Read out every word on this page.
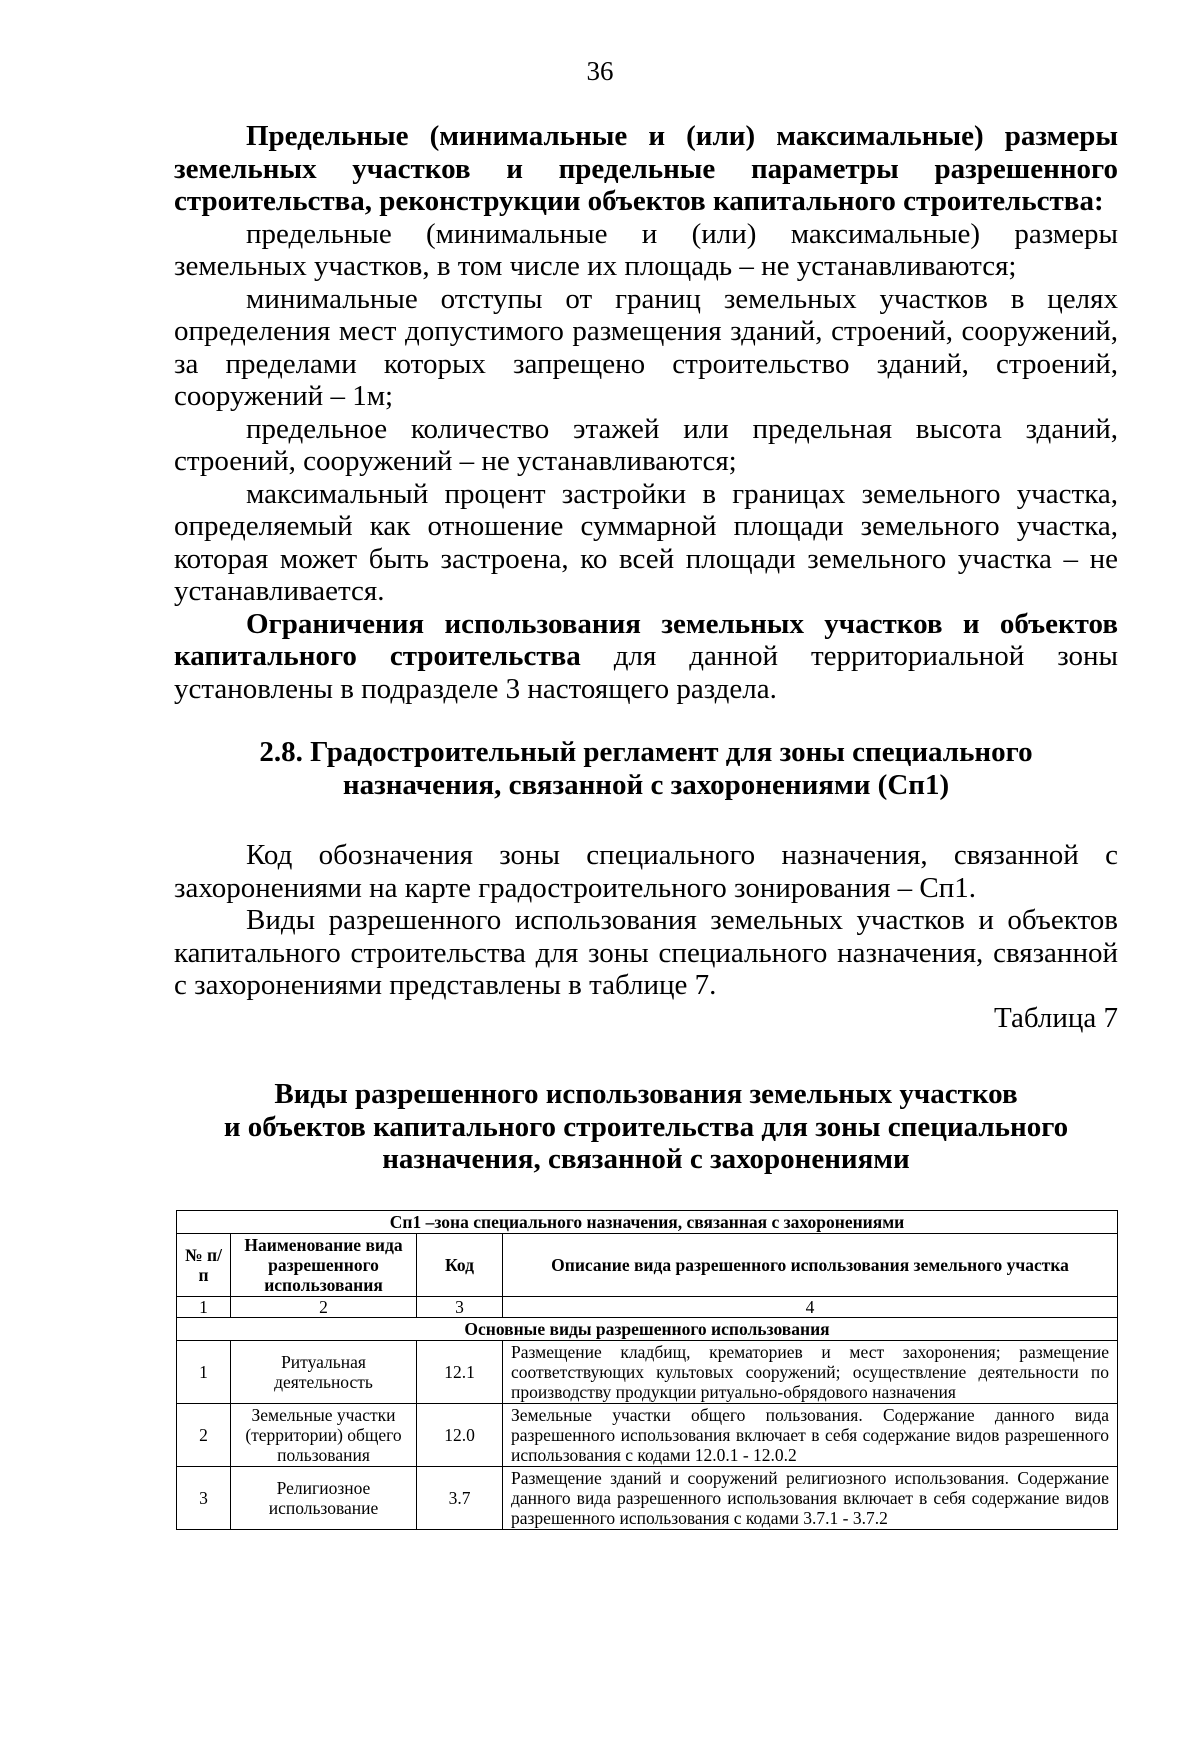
36

Предельные (минимальные и (или) максимальные) размеры земельных участков и предельные параметры разрешенного строительства, реконструкции объектов капитального строительства:

предельные (минимальные и (или) максимальные) размеры земельных участков, в том числе их площадь – не устанавливаются;

минимальные отступы от границ земельных участков в целях определения мест допустимого размещения зданий, строений, сооружений, за пределами которых запрещено строительство зданий, строений, сооружений – 1м;

предельное количество этажей или предельная высота зданий, строений, сооружений – не устанавливаются;

максимальный процент застройки в границах земельного участка, определяемый как отношение суммарной площади земельного участка, которая может быть застроена, ко всей площади земельного участка – не устанавливается.

Ограничения использования земельных участков и объектов капитального строительства для данной территориальной зоны установлены в подразделе 3 настоящего раздела.

2.8. Градостроительный регламент для зоны специального
назначения, связанной с захоронениями (Сп1)

Код обозначения зоны специального назначения, связанной с захоронениями на карте градостроительного зонирования – Сп1.

Виды разрешенного использования земельных участков и объектов капитального строительства для зоны специального назначения, связанной с захоронениями представлены в таблице 7.

Таблица 7

Виды разрешенного использования земельных участков
и объектов капитального строительства для зоны специального
назначения, связанной с захоронениями

Сп1 –зона специального назначения, связанная с захоронениями			
№ п/п	Наименование вида разрешенного использования	Код	Описание вида разрешенного использования земельного участка
1	2	3	4
Основные виды разрешенного использования			
1	Ритуальная деятельность	12.1	Размещение кладбищ, крематориев и мест захоронения; размещение соответствующих культовых сооружений; осуществление деятельности по производству продукции ритуально-обрядового назначения
2	Земельные участки (территории) общего пользования	12.0	Земельные участки общего пользования. Содержание данного вида разрешенного использования включает в себя содержание видов разрешенного использования с кодами 12.0.1 - 12.0.2
3	Религиозное использование	3.7	Размещение зданий и сооружений религиозного использования. Содержание данного вида разрешенного использования включает в себя содержание видов разрешенного использования с кодами 3.7.1 - 3.7.2
